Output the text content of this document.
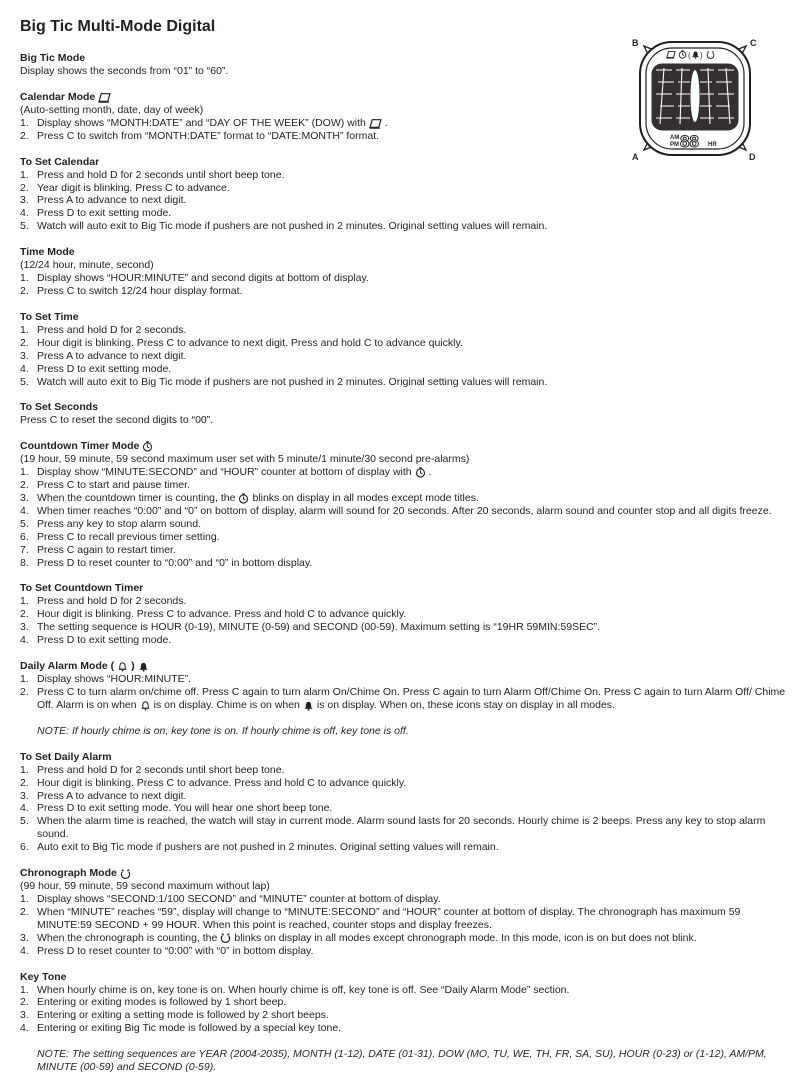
Big Tic Multi-Mode Digital
Big Tic Mode
Display shows the seconds from “01” to “60”.
Calendar Mode
(Auto-setting month, date, day of week)
1. Display shows “MONTH:DATE” and “DAY OF THE WEEK” (DOW) with .
2. Press C to switch from “MONTH:DATE” format to “DATE:MONTH” format.
To Set Calendar
1. Press and hold D for 2 seconds until short beep tone.
2. Year digit is blinking. Press C to advance.
3. Press A to advance to next digit.
4. Press D to exit setting mode.
5. Watch will auto exit to Big Tic mode if pushers are not pushed in 2 minutes. Original setting values will remain.
Time Mode
(12/24 hour, minute, second)
1. Display shows “HOUR:MINUTE” and second digits at bottom of display.
2. Press C to switch 12/24 hour display format.
To Set Time
1. Press and hold D for 2 seconds.
2. Hour digit is blinking. Press C to advance to next digit. Press and hold C to advance quickly.
3. Press A to advance to next digit.
4. Press D to exit setting mode.
5. Watch will auto exit to Big Tic mode if pushers are not pushed in 2 minutes. Original setting values will remain.
To Set Seconds
Press C to reset the second digits to “00”.
Countdown Timer Mode
(19 hour, 59 minute, 59 second maximum user set with 5 minute/1 minute/30 second pre-alarms)
1. Display show “MINUTE:SECOND” and “HOUR” counter at bottom of display with .
2. Press C to start and pause timer.
3. When the countdown timer is counting, the blinks on display in all modes except mode titles.
4. When timer reaches “0:00” and “0” on bottom of display, alarm will sound for 20 seconds. After 20 seconds, alarm sound and counter stop and all digits freeze.
5. Press any key to stop alarm sound.
6. Press C to recall previous timer setting.
7. Press C again to restart timer.
8. Press D to reset counter to “0:00” and “0” in bottom display.
To Set Countdown Timer
1. Press and hold D for 2 seconds.
2. Hour digit is blinking. Press C to advance. Press and hold C to advance quickly.
3. The setting sequence is HOUR (0-19), MINUTE (0-59) and SECOND (00-59). Maximum setting is “19HR 59MIN:59SEC”.
4. Press D to exit setting mode.
Daily Alarm Mode ( )
1. Display shows “HOUR:MINUTE”.
2. Press C to turn alarm on/chime off. Press C again to turn alarm On/Chime On. Press C again to turn Alarm Off/Chime On. Press C again to turn Alarm Off/ Chime Off. Alarm is on when is on display. Chime is on when is on display. When on, these icons stay on display in all modes.
NOTE: If hourly chime is on, key tone is on. If hourly chime is off, key tone is off.
To Set Daily Alarm
1. Press and hold D for 2 seconds until short beep tone.
2. Hour digit is blinking. Press C to advance. Press and hold C to advance quickly.
3. Press A to advance to next digit.
4. Press D to exit setting mode. You will hear one short beep tone.
5. When the alarm time is reached, the watch will stay in current mode. Alarm sound lasts for 20 seconds. Hourly chime is 2 beeps. Press any key to stop alarm sound.
6. Auto exit to Big Tic mode if pushers are not pushed in 2 minutes. Original setting values will remain.
Chronograph Mode
(99 hour, 59 minute, 59 second maximum without lap)
1. Display shows “SECOND:1/100 SECOND” and “MINUTE” counter at bottom of display.
2. When “MINUTE” reaches “59”, display will change to “MINUTE:SECOND” and “HOUR” counter at bottom of display. The chronograph has maximum 59 MINUTE:59 SECOND + 99 HOUR. When this point is reached, counter stops and display freezes.
3. When the chronograph is counting, the blinks on display in all modes except chronograph mode. In this mode, icon is on but does not blink.
4. Press D to reset counter to “0:00” with “0” in bottom display.
Key Tone
1. When hourly chime is on, key tone is on. When hourly chime is off, key tone is off. See “Daily Alarm Mode” section.
2. Entering or exiting modes is followed by 1 short beep.
3. Entering or exiting a setting mode is followed by 2 short beeps.
4. Entering or exiting Big Tic mode is followed by a special key tone.
NOTE: The setting sequences are YEAR (2004-2035), MONTH (1-12), DATE (01-31), DOW (MO, TU, WE, TH, FR, SA, SU), HOUR (0-23) or (1-12), AM/PM, MINUTE (00-59) and SECOND (0-59).
B	C
A	D
( )
AM
PM 88 HR
